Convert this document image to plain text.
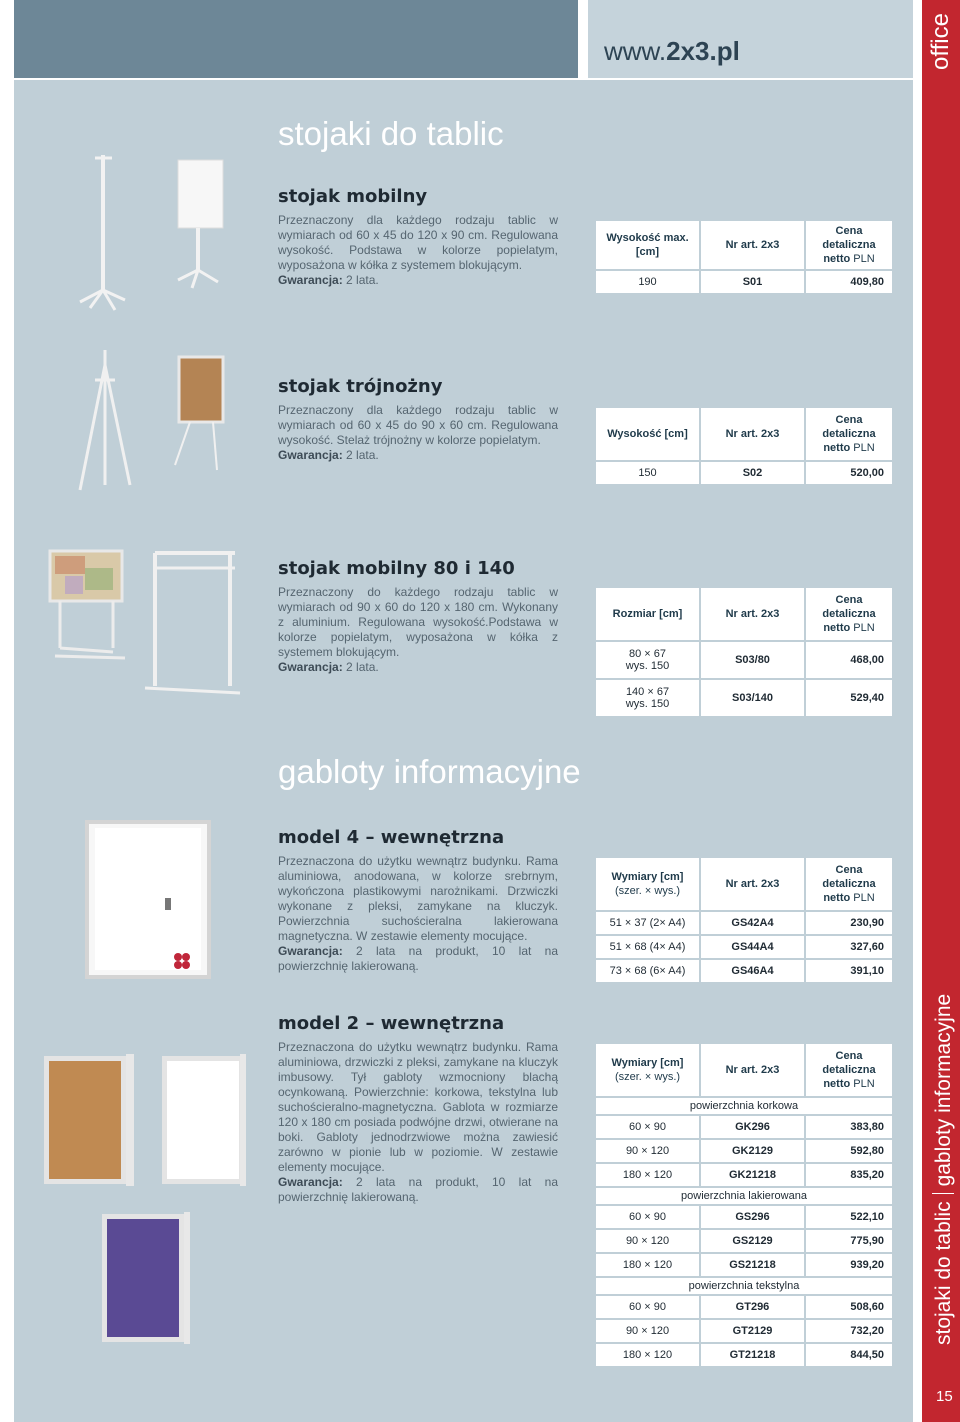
www.2x3.pl	office
stojaki do tablicgabloty informacyjne
15
stojaki do tablic
stojak mobilny
Przeznaczony dla każdego rodzaju tablic w wymiarach od 60 x 45 do 120 x 90 cm. Regulowana wysokość. Podstawa w kolorze popielatym, wyposażona w kółka z systemem blokującym.
Gwarancja: 2 lata.
Wysokość max. [cm]	Nr art. 2x3	Cena detaliczna
netto PLN
190	S01	409,80
stojak trójnożny
Przeznaczony dla każdego rodzaju tablic w wymiarach od 60 x 45 do 90 x 60 cm. Regulowana wysokość. Stelaż trójnożny w kolorze popielatym.
Gwarancja: 2 lata.
Wysokość [cm]	Nr art. 2x3	Cena detaliczna
netto PLN
150	S02	520,00
stojak mobilny 80 i 140
Przeznaczony do każdego rodzaju tablic w wymiarach od 90 x 60 do 120 x 180 cm. Wykonany z aluminium. Regulowana wysokość.Podstawa w kolorze popielatym, wyposażona w kółka z systemem blokującym.
Gwarancja: 2 lata.
Rozmiar [cm]	Nr art. 2x3	Cena detaliczna
netto PLN
80 × 67
wys. 150	S03/80	468,00
140 × 67
wys. 150	S03/140	529,40
gabloty informacyjne
model 4 – wewnętrzna
Przeznaczona do użytku wewnątrz budynku. Rama aluminiowa, anodowana, w kolorze srebrnym, wykończona plastikowymi narożnikami. Drzwiczki wykonane z pleksi, zamykane na kluczyk. Powierzchnia suchościeralna lakierowana magnetyczna. W zestawie elementy mocujące.
Gwarancja: 2 lata na produkt, 10 lat na powierzchnię lakierowaną.
Wymiary [cm]
(szer. × wys.)	Nr art. 2x3	Cena detaliczna
netto PLN
51 × 37 (2× A4)	GS42A4	230,90
51 × 68 (4× A4)	GS44A4	327,60
73 × 68 (6× A4)	GS46A4	391,10
model 2 – wewnętrzna
Przeznaczona do użytku wewnątrz budynku. Rama aluminiowa, drzwiczki z pleksi, zamykane na kluczyk imbusowy. Tył gabloty wzmocniony blachą ocynkowaną. Powierzchnie: korkowa, tekstylna lub suchościeralno-magnetyczna. Gablota w rozmiarze 120 x 180 cm posiada podwójne drzwi, otwierane na boki. Gabloty jednodrzwiowe można zawiesić zarówno w pionie lub w poziomie. W zestawie elementy mocujące.
Gwarancja: 2 lata na produkt, 10 lat na powierzchnię lakierowaną.
Wymiary [cm]
(szer. × wys.)	Nr art. 2x3	Cena detaliczna
netto PLN
powierzchnia korkowa		
60 × 90	GK296	383,80
90 × 120	GK2129	592,80
180 × 120	GK21218	835,20
powierzchnia lakierowana		
60 × 90	GS296	522,10
90 × 120	GS2129	775,90
180 × 120	GS21218	939,20
powierzchnia tekstylna		
60 × 90	GT296	508,60
90 × 120	GT2129	732,20
180 × 120	GT21218	844,50
